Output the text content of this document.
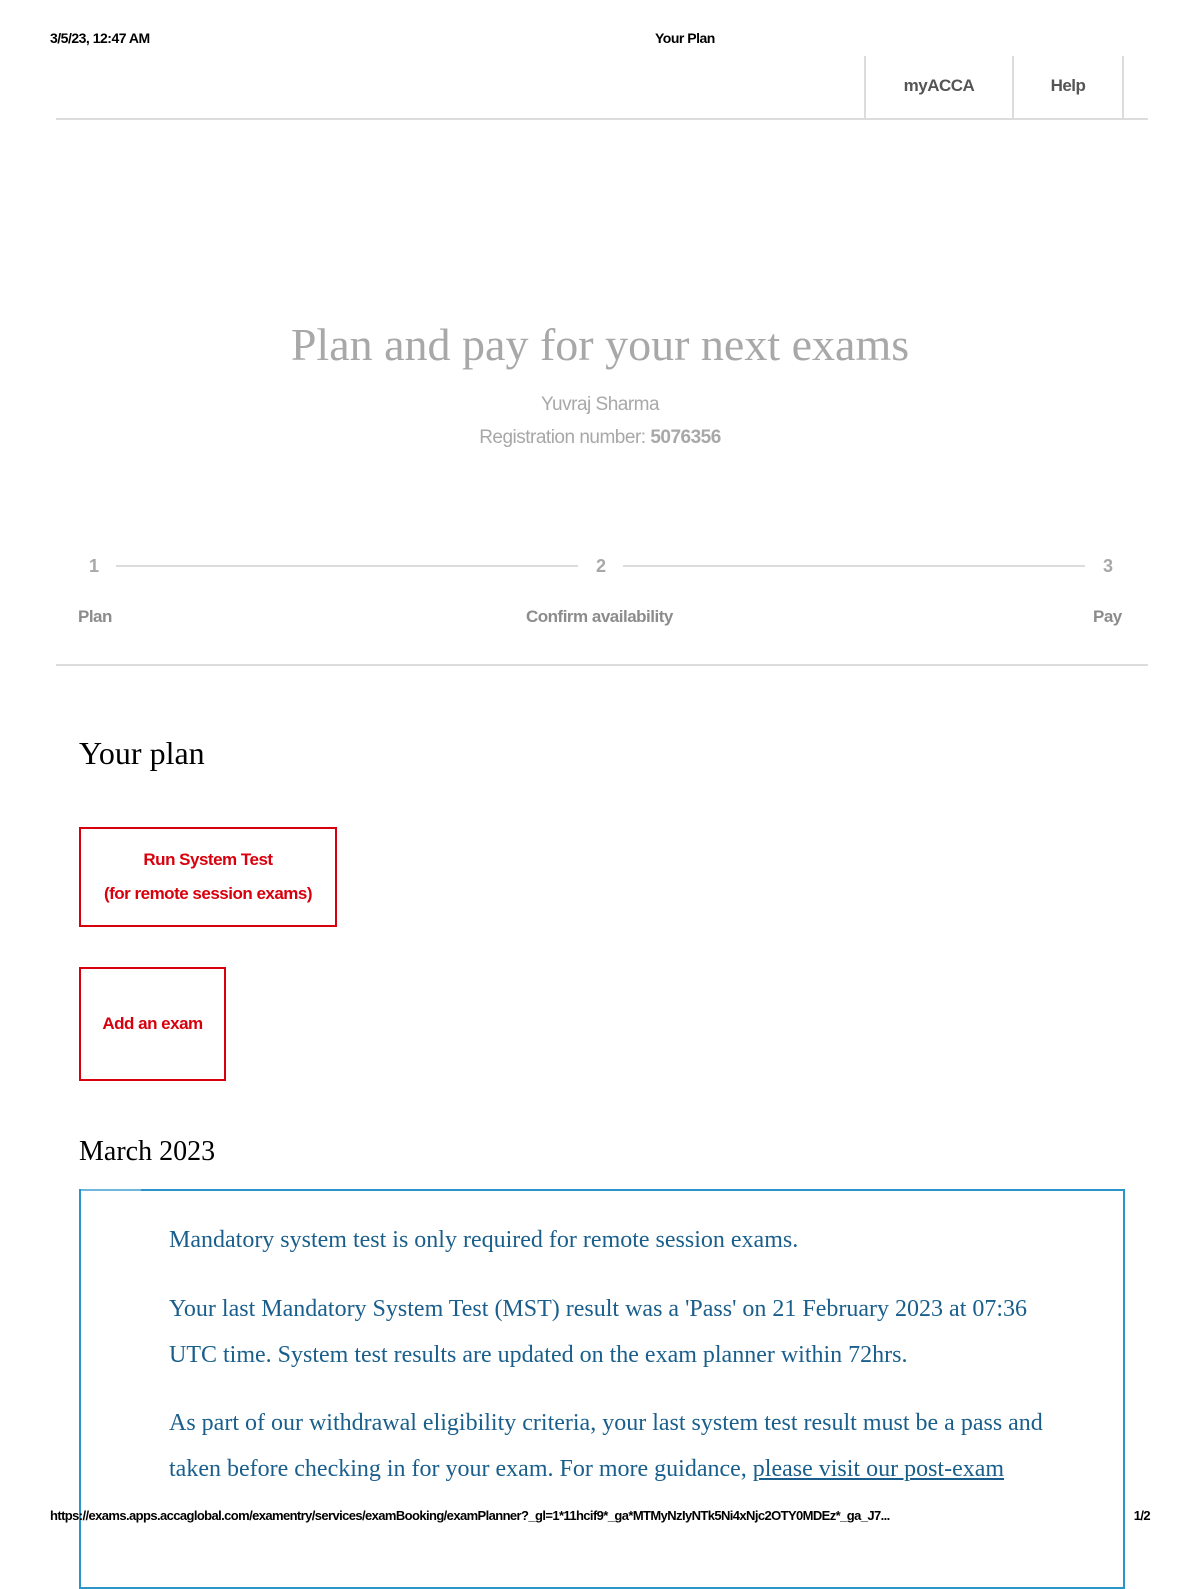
3/5/23, 12:47 AM	Your Plan
myACCA	Help
Plan and pay for your next exams
Yuvraj Sharma
Registration number: 5076356
1	2	3
Plan	Confirm availability	Pay
Your plan
Run System Test
(for remote session exams)
Add an exam
March 2023

Mandatory system test is only required for remote session exams.

Your last Mandatory System Test (MST) result was a 'Pass' on 21 February 2023 at 07:36

UTC time. System test results are updated on the exam planner within 72hrs.

As part of our withdrawal eligibility criteria, your last system test result must be a pass and

taken before checking in for your exam. For more guidance, please visit our post-exam

https://exams.apps.accaglobal.com/examentry/services/examBooking/examPlanner?_gl=1*11hcif9*_ga*MTMyNzIyNTk5Ni4xNjc2OTY0MDEz*_ga_J7...	1/2
